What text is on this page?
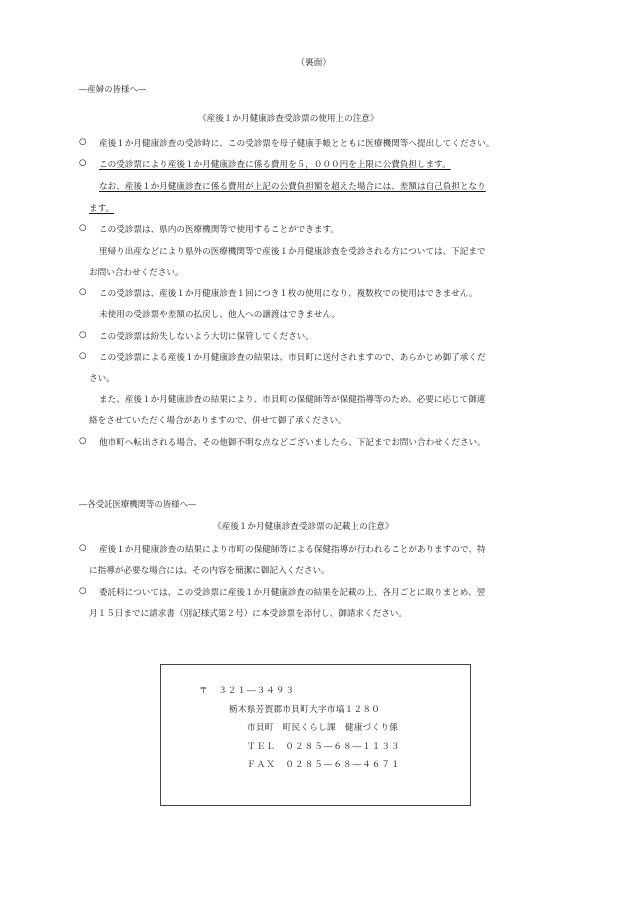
（裏面）
―産婦の皆様へ―
《産後１か月健康診査受診票の使用上の注意》
○ 産後１か月健康診査の受診時に、この受診票を母子健康手帳とともに医療機関等へ提出してください。
○ この受診票により産後１か月健康診査に係る費用を５，０００円を上限に公費負担します。
なお、産後１か月健康診査に係る費用が上記の公費負担額を超えた場合には、差額は自己負担となり
ます。
○ この受診票は、県内の医療機関等で使用することができます。
里帰り出産などにより県外の医療機関等で産後１か月健康診査を受診される方については、下記まで
お問い合わせください。
○ この受診票は、産後１か月健康診査１回につき１枚の使用になり、複数枚での使用はできません。
未使用の受診票や差額の払戻し、他人への譲渡はできません。
○ この受診票は紛失しないよう大切に保管してください。
○ この受診票による産後１か月健康診査の結果は、市貝町に送付されますので、あらかじめ御了承くだ
さい。
また、産後１か月健康診査の結果により、市貝町の保健師等が保健指導等のため、必要に応じて御連
絡をさせていただく場合がありますので、併せて御了承ください。
○ 他市町へ転出される場合、その他御不明な点などございましたら、下記までお問い合わせください。
―各受託医療機関等の皆様へ―
《産後１か月健康診査受診票の記載上の注意》
○ 産後１か月健康診査の結果により市町の保健師等による保健指導が行われることがありますので、特
に指導が必要な場合には、その内容を簡潔に御記入ください。
○ 委託料については、この受診票に産後１か月健康診査の結果を記載の上、各月ごとに取りまとめ、翌
月１５日までに請求書（別記様式第２号）に本受診票を添付し、御請求ください。
〒　３２１―３４９３
栃木県芳賀郡市貝町大字市塙１２８０
市貝町　町民くらし課　健康づくり係
ＴＥＬ　０２８５―６８―１１３３
ＦＡＸ　０２８５―６８―４６７１
